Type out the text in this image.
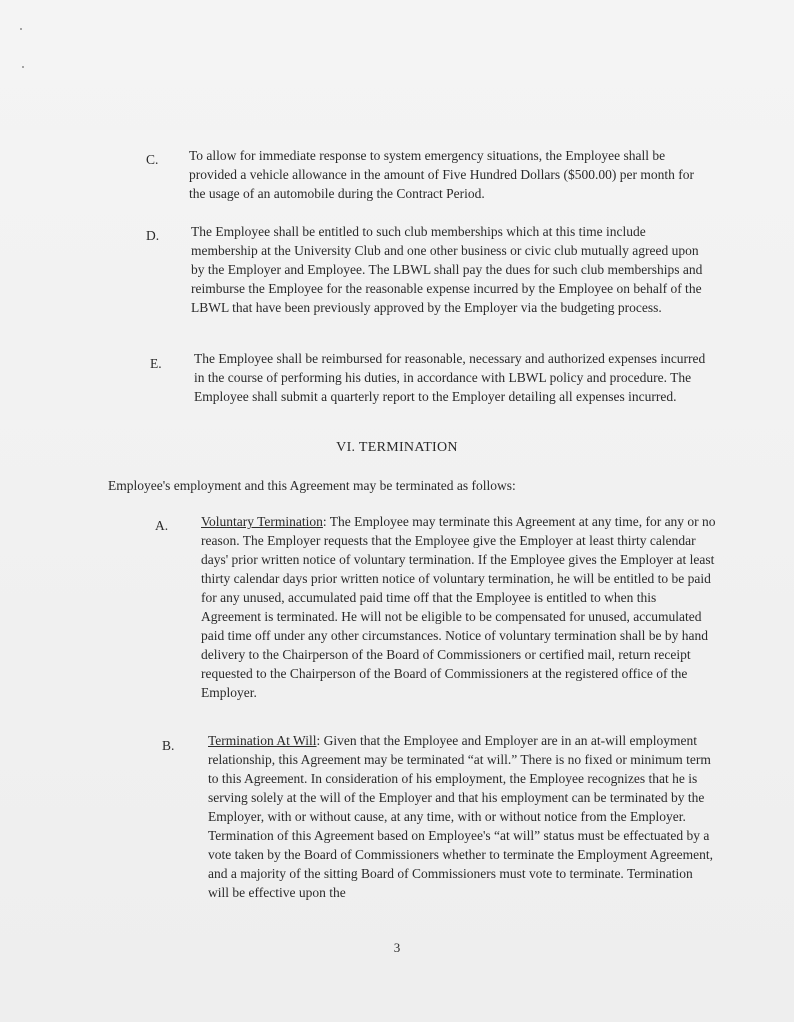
C. To allow for immediate response to system emergency situations, the Employee shall be provided a vehicle allowance in the amount of Five Hundred Dollars ($500.00) per month for the usage of an automobile during the Contract Period.
D. The Employee shall be entitled to such club memberships which at this time include membership at the University Club and one other business or civic club mutually agreed upon by the Employer and Employee. The LBWL shall pay the dues for such club memberships and reimburse the Employee for the reasonable expense incurred by the Employee on behalf of the LBWL that have been previously approved by the Employer via the budgeting process.
E. The Employee shall be reimbursed for reasonable, necessary and authorized expenses incurred in the course of performing his duties, in accordance with LBWL policy and procedure. The Employee shall submit a quarterly report to the Employer detailing all expenses incurred.
VI. TERMINATION
Employee's employment and this Agreement may be terminated as follows:
A. Voluntary Termination: The Employee may terminate this Agreement at any time, for any or no reason. The Employer requests that the Employee give the Employer at least thirty calendar days' prior written notice of voluntary termination. If the Employee gives the Employer at least thirty calendar days prior written notice of voluntary termination, he will be entitled to be paid for any unused, accumulated paid time off that the Employee is entitled to when this Agreement is terminated. He will not be eligible to be compensated for unused, accumulated paid time off under any other circumstances. Notice of voluntary termination shall be by hand delivery to the Chairperson of the Board of Commissioners or certified mail, return receipt requested to the Chairperson of the Board of Commissioners at the registered office of the Employer.
B. Termination At Will: Given that the Employee and Employer are in an at-will employment relationship, this Agreement may be terminated “at will.” There is no fixed or minimum term to this Agreement. In consideration of his employment, the Employee recognizes that he is serving solely at the will of the Employer and that his employment can be terminated by the Employer, with or without cause, at any time, with or without notice from the Employer. Termination of this Agreement based on Employee's “at will” status must be effectuated by a vote taken by the Board of Commissioners whether to terminate the Employment Agreement, and a majority of the sitting Board of Commissioners must vote to terminate. Termination will be effective upon the
3
